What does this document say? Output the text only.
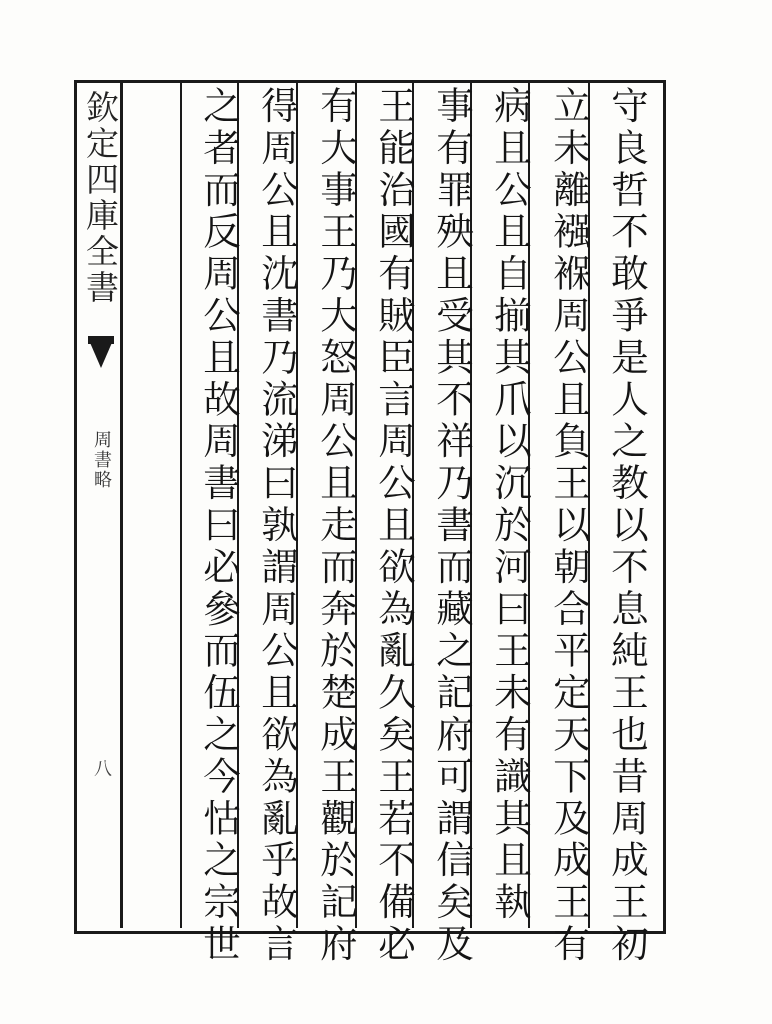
欽定四庫全書
周書略
八	守良哲不敢爭是人之教以不息純王也昔周成王初
立未離襁褓周公且負王以朝合平定天下及成王有
病且公且自揃其爪以沉於河曰王未有識其且執
事有罪殃且受其不祥乃書而藏之記府可謂信矣及
王能治國有賊臣言周公且欲為亂久矣王若不備必
有大事王乃大怒周公且走而奔於楚成王觀於記府
得周公且沈書乃流涕曰孰謂周公且欲為亂乎故言
之者而反周公且故周書曰必參而伍之今怙之宗世
